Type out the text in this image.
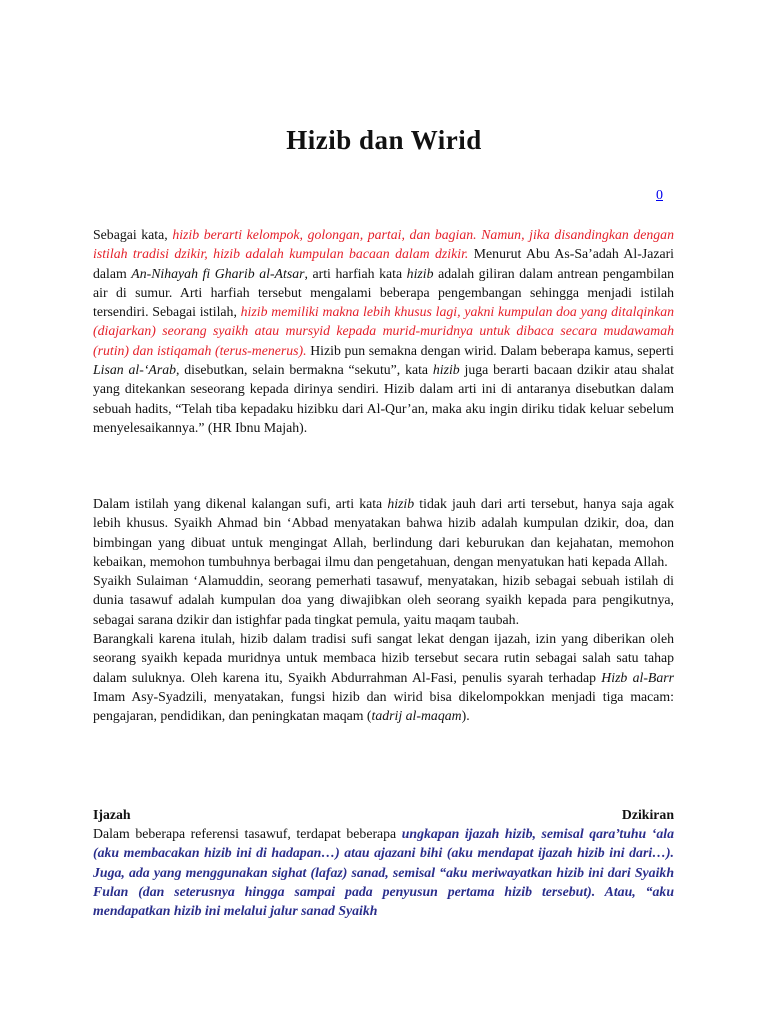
Hizib dan Wirid
0

Sebagai kata, hizib berarti kelompok, golongan, partai, dan bagian. Namun, jika disandingkan dengan istilah tradisi dzikir, hizib adalah kumpulan bacaan dalam dzikir. Menurut Abu As-Sa’adah Al-Jazari dalam An-Nihayah fi Gharib al-Atsar, arti harfiah kata hizib adalah giliran dalam antrean pengambilan air di sumur. Arti harfiah tersebut mengalami beberapa pengembangan sehingga menjadi istilah tersendiri. Sebagai istilah, hizib memiliki makna lebih khusus lagi, yakni kumpulan doa yang ditalqinkan (diajarkan) seorang syaikh atau mursyid kepada murid-muridnya untuk dibaca secara mudawamah (rutin) dan istiqamah (terus-menerus). Hizib pun semakna dengan wirid. Dalam beberapa kamus, seperti Lisan al-‘Arab, disebutkan, selain bermakna “sekutu”, kata hizib juga berarti bacaan dzikir atau shalat yang ditekankan seseorang kepada dirinya sendiri. Hizib dalam arti ini di antaranya disebutkan dalam sebuah hadits, “Telah tiba kepadaku hizibku dari Al-Qur’an, maka aku ingin diriku tidak keluar sebelum menyelesaikannya.” (HR Ibnu Majah).

Dalam istilah yang dikenal kalangan sufi, arti kata hizib tidak jauh dari arti tersebut, hanya saja agak lebih khusus. Syaikh Ahmad bin ‘Abbad menyatakan bahwa hizib adalah kumpulan dzikir, doa, dan bimbingan yang dibuat untuk mengingat Allah, berlindung dari keburukan dan kejahatan, memohon kebaikan, memohon tumbuhnya berbagai ilmu dan pengetahuan, dengan menyatukan hati kepada Allah.
Syaikh Sulaiman ‘Alamuddin, seorang pemerhati tasawuf, menyatakan, hizib sebagai sebuah istilah di dunia tasawuf adalah kumpulan doa yang diwajibkan oleh seorang syaikh kepada para pengikutnya, sebagai sarana dzikir dan istighfar pada tingkat pemula, yaitu maqam taubah.
Barangkali karena itulah, hizib dalam tradisi sufi sangat lekat dengan ijazah, izin yang diberikan oleh seorang syaikh kepada muridnya untuk membaca hizib tersebut secara rutin sebagai salah satu tahap dalam suluknya. Oleh karena itu, Syaikh Abdurrahman Al-Fasi, penulis syarah terhadap Hizb al-Barr Imam Asy-Syadzili, menyatakan, fungsi hizib dan wirid bisa dikelompokkan menjadi tiga macam: pengajaran, pendidikan, dan peningkatan maqam (tadrij al-maqam).

Ijazah	Dzikiran

Dalam beberapa referensi tasawuf, terdapat beberapa ungkapan ijazah hizib, semisal qara’tuhu ‘ala (aku membacakan hizib ini di hadapan…) atau ajazani bihi (aku mendapat ijazah hizib ini dari…). Juga, ada yang menggunakan sighat (lafaz) sanad, semisal “aku meriwayatkan hizib ini dari Syaikh Fulan (dan seterusnya hingga sampai pada penyusun pertama hizib tersebut). Atau, “aku mendapatkan hizib ini melalui jalur sanad Syaikh
